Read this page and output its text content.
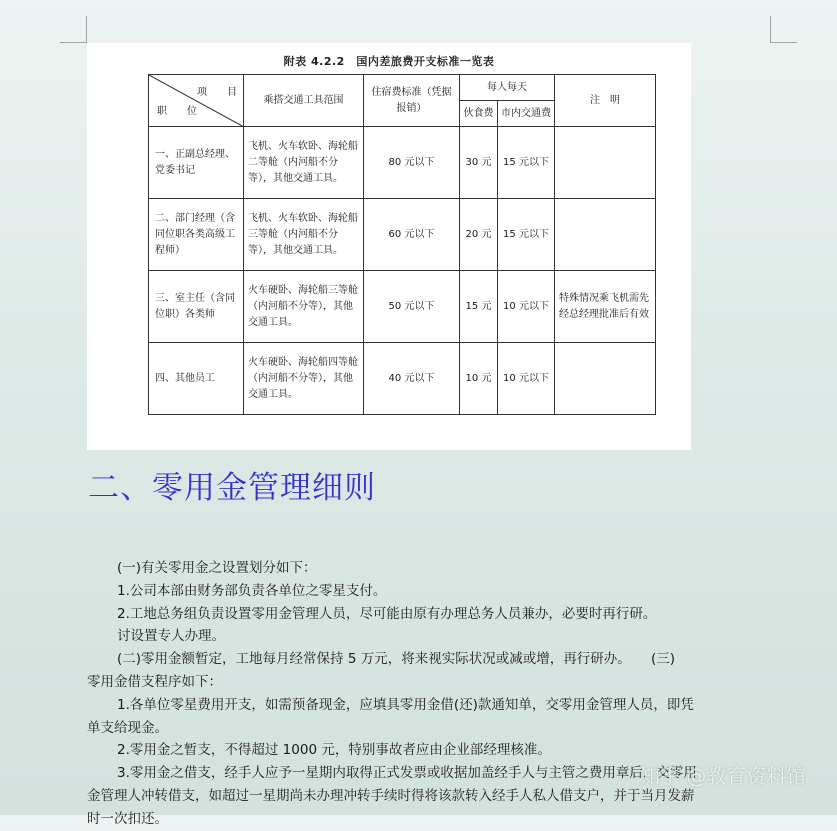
附表 4.2.2　国内差旅费开支标准一览表
项　　目
职　　位	乘搭交通工具范围	住宿费标准（凭据报销）	每人每天		注　明
			伙食费	市内交通费	
一、正副总经理、党委书记	飞机、火车软卧、海轮船二等舱（内河船不分等），其他交通工具。	80 元以下	30 元	15 元以下	
二、部门经理（含同位职各类高级工程师）	飞机、火车软卧、海轮船三等舱（内河船不分等），其他交通工具。	60 元以下	20 元	15 元以下	
三、室主任（含同位职）各类师	火车硬卧、海轮船三等舱（内河船不分等），其他交通工具。	50 元以下	15 元	10 元以下	特殊情况乘飞机需先经总经理批准后有效
四、其他员工	火车硬卧、海轮船四等舱（内河船不分等），其他交通工具。	40 元以下	10 元	10 元以下	
二、零用金管理细则

(一)有关零用金之设置划分如下：

1.公司本部由财务部负责各单位之零星支付。

2.工地总务组负责设置零用金管理人员，尽可能由原有办理总务人员兼办，必要时再行研。

讨设置专人办理。

(二)零用金额暂定，工地每月经常保持 5 万元，将来视实际状况或减或增，再行研办。　　(三)

零用金借支程序如下：

1.各单位零星费用开支，如需预备现金，应填具零用金借(还)款通知单，交零用金管理人员，即凭

单支给现金。

2.零用金之暂支，不得超过 1000 元，特别事故者应由企业部经理核准。

3.零用金之借支，经手人应予一星期内取得正式发票或收据加盖经手人与主管之费用章后，交零用

金管理人冲转借支，如超过一星期尚未办理冲转手续时得将该款转入经手人私人借支户，并于当月发薪

时一次扣还。

知乎 @教育资料馆
